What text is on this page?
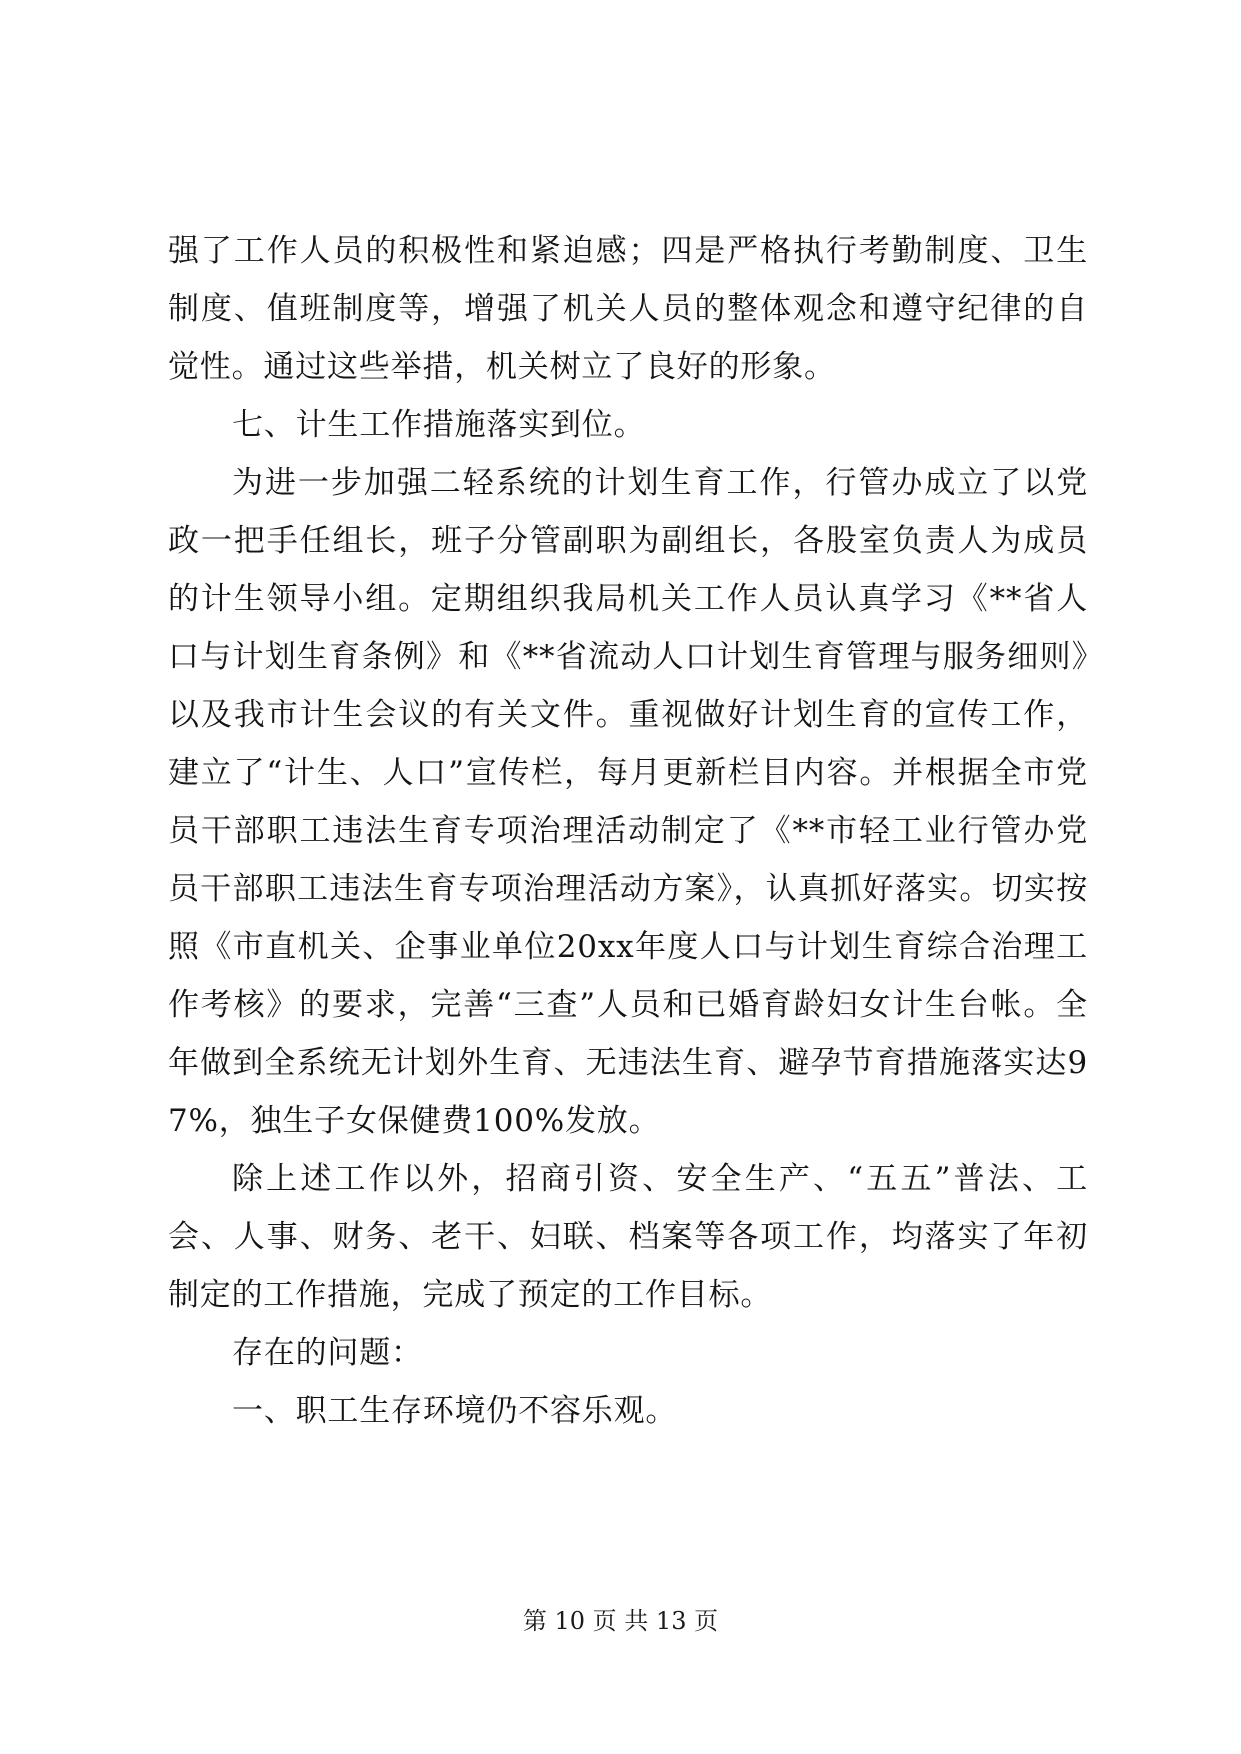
强了工作人员的积极性和紧迫感；四是严格执行考勤制度、卫生制度、值班制度等，增强了机关人员的整体观念和遵守纪律的自觉性。通过这些举措，机关树立了良好的形象。

七、计生工作措施落实到位。

为进一步加强二轻系统的计划生育工作，行管办成立了以党政一把手任组长，班子分管副职为副组长，各股室负责人为成员的计生领导小组。定期组织我局机关工作人员认真学习《**省人口与计划生育条例》和《**省流动人口计划生育管理与服务细则》以及我市计生会议的有关文件。重视做好计划生育的宣传工作，建立了“计生、人口”宣传栏，每月更新栏目内容。并根据全市党员干部职工违法生育专项治理活动制定了《**市轻工业行管办党员干部职工违法生育专项治理活动方案》，认真抓好落实。切实按照《市直机关、企事业单位20xx年度人口与计划生育综合治理工作考核》的要求，完善“三查”人员和已婚育龄妇女计生台帐。全年做到全系统无计划外生育、无违法生育、避孕节育措施落实达97%，独生子女保健费100%发放。

除上述工作以外，招商引资、安全生产、“五五”普法、工会、人事、财务、老干、妇联、档案等各项工作，均落实了年初制定的工作措施，完成了预定的工作目标。

存在的问题：

一、职工生存环境仍不容乐观。

第 10 页 共 13 页
